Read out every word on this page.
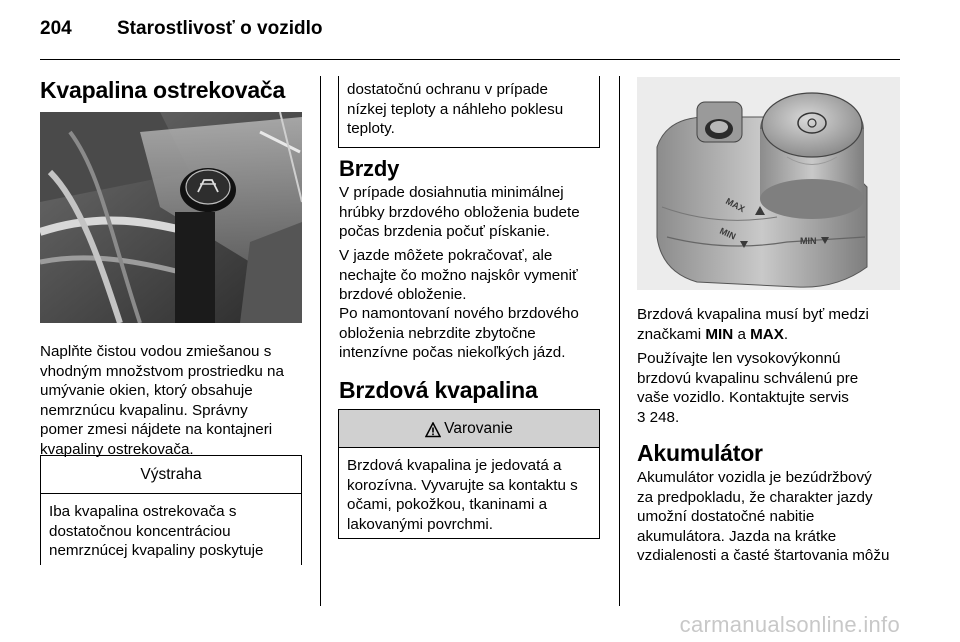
204 Starostlivosť o vozidlo
Kvapalina ostrekovača
Naplňte čistou vodou zmiešanou s
vhodným množstvom prostriedku na
umývanie okien, ktorý obsahuje
nemrznúcu kvapalinu. Správny
pomer zmesi nájdete na kontajneri
kvapaliny ostrekovača.
Výstraha
Iba kvapalina ostrekovača s
dostatočnou koncentráciou
nemrznúcej kvapaliny poskytuje
dostatočnú ochranu v prípade
nízkej teploty a náhleho poklesu
teploty.
Brzdy
V prípade dosiahnutia minimálnej
hrúbky brzdového obloženia budete
počas brzdenia počuť pískanie.
V jazde môžete pokračovať, ale
nechajte čo možno najskôr vymeniť
brzdové obloženie.
Po namontovaní nového brzdového
obloženia nebrzdite zbytočne
intenzívne počas niekoľkých jázd.
Brzdová kvapalina
Varovanie
Brzdová kvapalina je jedovatá a
korozívna. Vyvarujte sa kontaktu s
očami, pokožkou, tkaninami a
lakovanými povrchmi.
MAX
MIN	MIN
Brzdová kvapalina musí byť medzi
značkami MIN a MAX.
Používajte len vysokovýkonnú
brzdovú kvapalinu schválenú pre
vaše vozidlo. Kontaktujte servis
3 248.
Akumulátor
Akumulátor vozidla je bezúdržbový
za predpokladu, že charakter jazdy
umožní dostatočné nabitie
akumulátora. Jazda na krátke
vzdialenosti a časté štartovania môžu
carmanualsonline.info
